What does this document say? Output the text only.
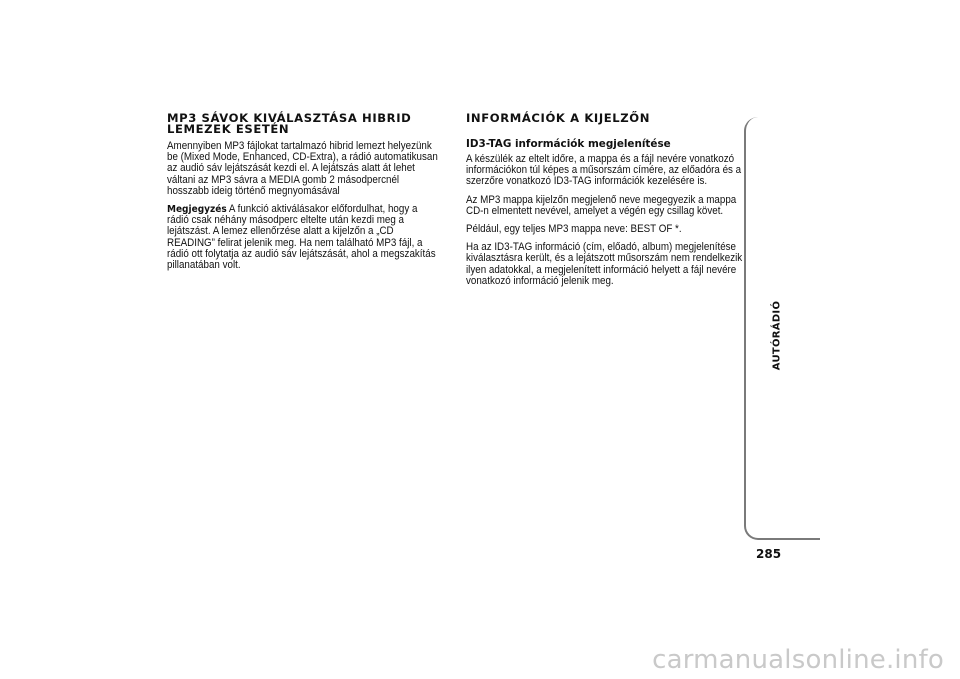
MP3 SÁVOK KIVÁLASZTÁSA HIBRID LEMEZEK ESETÉN

Amennyiben MP3 fájlokat tartalmazó hibrid lemezt helyezünk be (Mixed Mode, Enhanced, CD-Extra), a rádió automatikusan az audió sáv lejátszását kezdi el. A lejátszás alatt át lehet váltani az MP3 sávra a MEDIA gomb 2 másodpercnél hosszabb ideig történő megnyomásával

Megjegyzés A funkció aktiválásakor előfordulhat, hogy a rádió csak néhány másodperc eltelte után kezdi meg a lejátszást. A lemez ellenőrzése alatt a kijelzőn a „CD READING” felirat jelenik meg. Ha nem található MP3 fájl, a rádió ott folytatja az audió sáv lejátszását, ahol a megszakítás pillanatában volt.

INFORMÁCIÓK A KIJELZŐN
ID3-TAG információk megjelenítése

A készülék az eltelt időre, a mappa és a fájl nevére vonatkozó információkon túl képes a műsorszám címére, az előadóra és a szerzőre vonatkozó ID3-TAG információk kezelésére is.

Az MP3 mappa kijelzőn megjelenő neve megegyezik a mappa CD-n elmentett nevével, amelyet a végén egy csillag követ.

Például, egy teljes MP3 mappa neve: BEST OF *.

Ha az ID3-TAG információ (cím, előadó, album) megjelenítése kiválasztásra került, és a lejátszott műsorszám nem rendelkezik ilyen adatokkal, a megjelenített információ helyett a fájl nevére vonatkozó információ jelenik meg.

AUTÓRÁDIÓ
285
carmanualsonline.info
